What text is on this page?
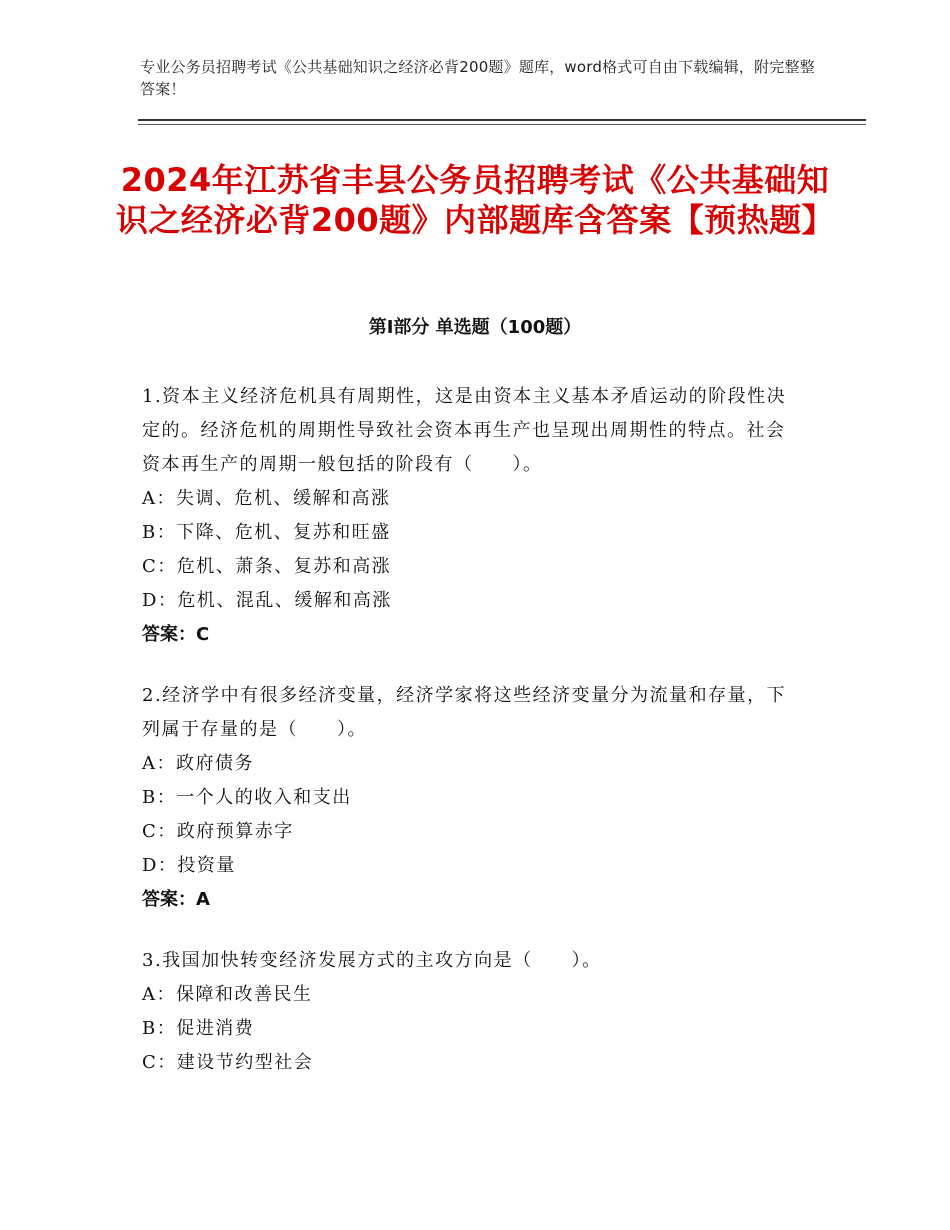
专业公务员招聘考试《公共基础知识之经济必背200题》题库，word格式可自由下载编辑，附完整整答案！
2024年江苏省丰县公务员招聘考试《公共基础知识之经济必背200题》内部题库含答案【预热题】
第Ⅰ部分 单选题（100题）

1.资本主义经济危机具有周期性，这是由资本主义基本矛盾运动的阶段性决定的。经济危机的周期性导致社会资本再生产也呈现出周期性的特点。社会资本再生产的周期一般包括的阶段有（　　）。

A：失调、危机、缓解和高涨

B：下降、危机、复苏和旺盛

C：危机、萧条、复苏和高涨

D：危机、混乱、缓解和高涨

答案：C

2.经济学中有很多经济变量，经济学家将这些经济变量分为流量和存量，下列属于存量的是（　　）。

A：政府债务

B：一个人的收入和支出

C：政府预算赤字

D：投资量

答案：A

3.我国加快转变经济发展方式的主攻方向是（　　）。

A：保障和改善民生

B：促进消费

C：建设节约型社会
